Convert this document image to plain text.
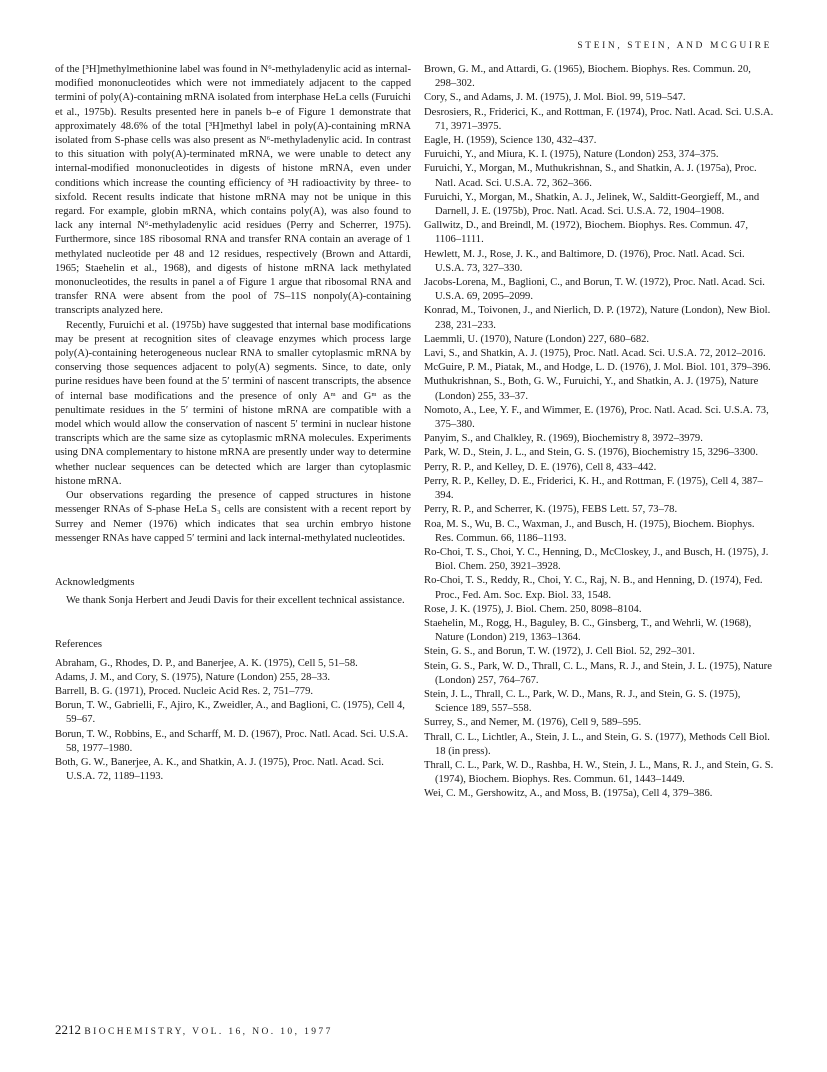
STEIN, STEIN, AND MCGUIRE

of the [³H]methylmethionine label was found in N⁶-methyladenylic acid as internal-modified mononucleotides which were not immediately adjacent to the capped termini of poly(A)-containing mRNA isolated from interphase HeLa cells (Furuichi et al., 1975b). Results presented here in panels b–e of Figure 1 demonstrate that approximately 48.6% of the total [³H]methyl label in poly(A)-containing mRNA isolated from S-phase cells was also present as N⁶-methyladenylic acid. In contrast to this situation with poly(A)-terminated mRNA, we were unable to detect any internal-modified mononucleotides in digests of histone mRNA, even under conditions which increase the counting efficiency of ³H radioactivity by three- to sixfold. Recent results indicate that histone mRNA may not be unique in this regard. For example, globin mRNA, which contains poly(A), was also found to lack any internal N⁶-methyladenylic acid residues (Perry and Scherrer, 1975). Furthermore, since 18S ribosomal RNA and transfer RNA contain an average of 1 methylated nucleotide per 48 and 12 residues, respectively (Brown and Attardi, 1965; Staehelin et al., 1968), and digests of histone mRNA lack methylated mononucleotides, the results in panel a of Figure 1 argue that ribosomal RNA and transfer RNA were absent from the pool of 7S–11S nonpoly(A)-containing transcripts analyzed here.

Recently, Furuichi et al. (1975b) have suggested that internal base modifications may be present at recognition sites of cleavage enzymes which process large poly(A)-containing heterogeneous nuclear RNA to smaller cytoplasmic mRNA by conserving those sequences adjacent to poly(A) segments. Since, to date, only purine residues have been found at the 5′ termini of nascent transcripts, the absence of internal base modifications and the presence of only Aᵐ and Gᵐ as the penultimate residues in the 5′ termini of histone mRNA are compatible with a model which would allow the conservation of nascent 5′ termini in nuclear histone transcripts which are the same size as cytoplasmic mRNA molecules. Experiments using DNA complementary to histone mRNA are presently under way to determine whether nuclear sequences can be detected which are larger than cytoplasmic histone mRNA.

Our observations regarding the presence of capped structures in histone messenger RNAs of S-phase HeLa S₃ cells are consistent with a recent report by Surrey and Nemer (1976) which indicates that sea urchin embryo histone messenger RNAs have capped 5′ termini and lack internal-methylated nucleotides.

Acknowledgments

We thank Sonja Herbert and Jeudi Davis for their excellent technical assistance.

References

Abraham, G., Rhodes, D. P., and Banerjee, A. K. (1975), Cell 5, 51–58.

Adams, J. M., and Cory, S. (1975), Nature (London) 255, 28–33.

Barrell, B. G. (1971), Proced. Nucleic Acid Res. 2, 751–779.

Borun, T. W., Gabrielli, F., Ajiro, K., Zweidler, A., and Baglioni, C. (1975), Cell 4, 59–67.

Borun, T. W., Robbins, E., and Scharff, M. D. (1967), Proc. Natl. Acad. Sci. U.S.A. 58, 1977–1980.

Both, G. W., Banerjee, A. K., and Shatkin, A. J. (1975), Proc. Natl. Acad. Sci. U.S.A. 72, 1189–1193.

Brown, G. M., and Attardi, G. (1965), Biochem. Biophys. Res. Commun. 20, 298–302.

Cory, S., and Adams, J. M. (1975), J. Mol. Biol. 99, 519–547.

Desrosiers, R., Friderici, K., and Rottman, F. (1974), Proc. Natl. Acad. Sci. U.S.A. 71, 3971–3975.

Eagle, H. (1959), Science 130, 432–437.

Furuichi, Y., and Miura, K. I. (1975), Nature (London) 253, 374–375.

Furuichi, Y., Morgan, M., Muthukrishnan, S., and Shatkin, A. J. (1975a), Proc. Natl. Acad. Sci. U.S.A. 72, 362–366.

Furuichi, Y., Morgan, M., Shatkin, A. J., Jelinek, W., Salditt-Georgieff, M., and Darnell, J. E. (1975b), Proc. Natl. Acad. Sci. U.S.A. 72, 1904–1908.

Gallwitz, D., and Breindl, M. (1972), Biochem. Biophys. Res. Commun. 47, 1106–1111.

Hewlett, M. J., Rose, J. K., and Baltimore, D. (1976), Proc. Natl. Acad. Sci. U.S.A. 73, 327–330.

Jacobs-Lorena, M., Baglioni, C., and Borun, T. W. (1972), Proc. Natl. Acad. Sci. U.S.A. 69, 2095–2099.

Konrad, M., Toivonen, J., and Nierlich, D. P. (1972), Nature (London), New Biol. 238, 231–233.

Laemmli, U. (1970), Nature (London) 227, 680–682.

Lavi, S., and Shatkin, A. J. (1975), Proc. Natl. Acad. Sci. U.S.A. 72, 2012–2016.

McGuire, P. M., Piatak, M., and Hodge, L. D. (1976), J. Mol. Biol. 101, 379–396.

Muthukrishnan, S., Both, G. W., Furuichi, Y., and Shatkin, A. J. (1975), Nature (London) 255, 33–37.

Nomoto, A., Lee, Y. F., and Wimmer, E. (1976), Proc. Natl. Acad. Sci. U.S.A. 73, 375–380.

Panyim, S., and Chalkley, R. (1969), Biochemistry 8, 3972–3979.

Park, W. D., Stein, J. L., and Stein, G. S. (1976), Biochemistry 15, 3296–3300.

Perry, R. P., and Kelley, D. E. (1976), Cell 8, 433–442.

Perry, R. P., Kelley, D. E., Friderici, K. H., and Rottman, F. (1975), Cell 4, 387–394.

Perry, R. P., and Scherrer, K. (1975), FEBS Lett. 57, 73–78.

Roa, M. S., Wu, B. C., Waxman, J., and Busch, H. (1975), Biochem. Biophys. Res. Commun. 66, 1186–1193.

Ro-Choi, T. S., Choi, Y. C., Henning, D., McCloskey, J., and Busch, H. (1975), J. Biol. Chem. 250, 3921–3928.

Ro-Choi, T. S., Reddy, R., Choi, Y. C., Raj, N. B., and Henning, D. (1974), Fed. Proc., Fed. Am. Soc. Exp. Biol. 33, 1548.

Rose, J. K. (1975), J. Biol. Chem. 250, 8098–8104.

Staehelin, M., Rogg, H., Baguley, B. C., Ginsberg, T., and Wehrli, W. (1968), Nature (London) 219, 1363–1364.

Stein, G. S., and Borun, T. W. (1972), J. Cell Biol. 52, 292–301.

Stein, G. S., Park, W. D., Thrall, C. L., Mans, R. J., and Stein, J. L. (1975), Nature (London) 257, 764–767.

Stein, J. L., Thrall, C. L., Park, W. D., Mans, R. J., and Stein, G. S. (1975), Science 189, 557–558.

Surrey, S., and Nemer, M. (1976), Cell 9, 589–595.

Thrall, C. L., Lichtler, A., Stein, J. L., and Stein, G. S. (1977), Methods Cell Biol. 18 (in press).

Thrall, C. L., Park, W. D., Rashba, H. W., Stein, J. L., Mans, R. J., and Stein, G. S. (1974), Biochem. Biophys. Res. Commun. 61, 1443–1449.

Wei, C. M., Gershowitz, A., and Moss, B. (1975a), Cell 4, 379–386.

2212 BIOCHEMISTRY, VOL. 16, NO. 10, 1977
